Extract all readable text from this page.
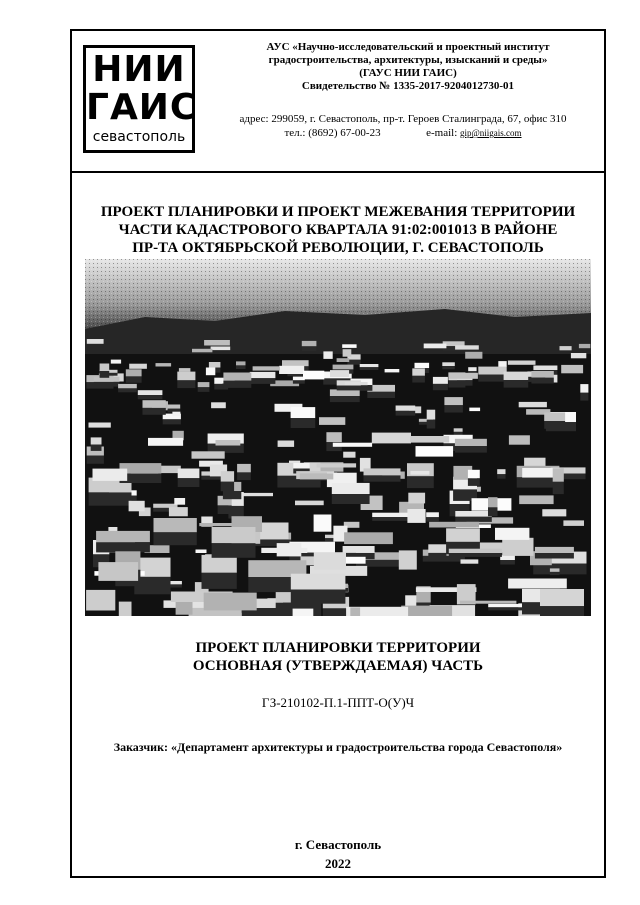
НИИ
ГАИС
севастополь
АУС «Научно-исследовательский и проектный институт
градостроительства, архитектуры, изысканий и среды»
(ГАУС НИИ ГАИС)
Свидетельство № 1335-2017-9204012730-01
адрес: 299059, г. Севастополь, пр-т. Героев Сталинграда, 67, офис 310
тел.: (8692) 67-00-23	e-mail: gip@niigais.com
ПРОЕКТ ПЛАНИРОВКИ И ПРОЕКТ МЕЖЕВАНИЯ ТЕРРИТОРИИ
ЧАСТИ КАДАСТРОВОГО КВАРТАЛА 91:02:001013 В РАЙОНЕ
ПР-ТА ОКТЯБРЬСКОЙ РЕВОЛЮЦИИ, Г. СЕВАСТОПОЛЬ
ПРОЕКТ ПЛАНИРОВКИ ТЕРРИТОРИИ
ОСНОВНАЯ (УТВЕРЖДАЕМАЯ) ЧАСТЬ
ГЗ-210102-П.1-ППТ-О(У)Ч
Заказчик: «Департамент архитектуры и градостроительства города Севастополя»
г. Севастополь
2022
